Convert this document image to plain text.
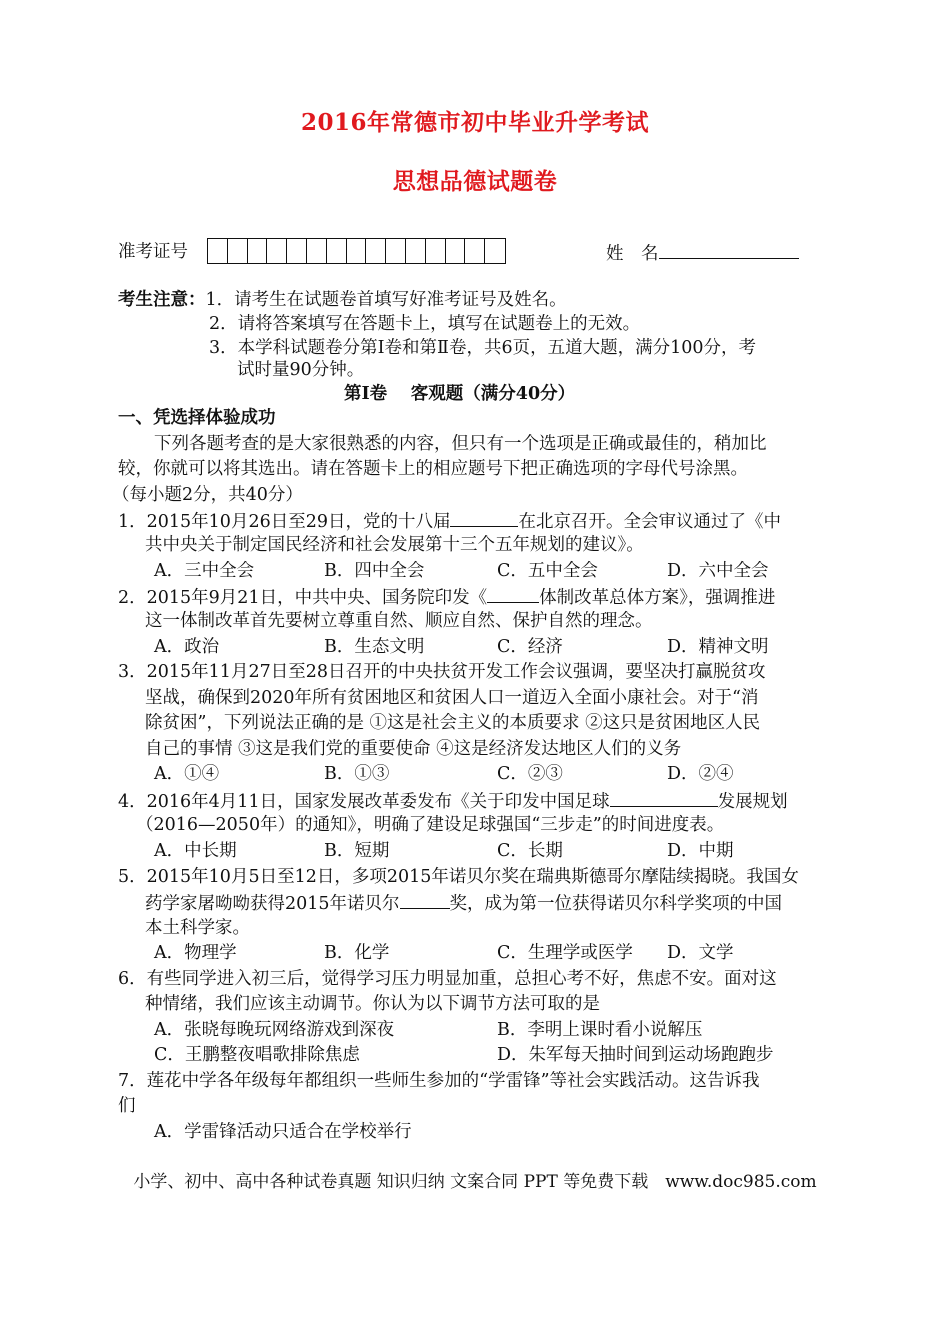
2016年常德市初中毕业升学考试
思想品德试题卷
准考证号	姓　名
考生注意：1．请考生在试题卷首填写好准考证号及姓名。
2．请将答案填写在答题卡上，填写在试题卷上的无效。
3．本学科试题卷分第Ⅰ卷和第Ⅱ卷，共6页，五道大题，满分100分，考
试时量90分钟。
第Ⅰ卷　 客观题（满分40分）
一、凭选择体验成功
下列各题考查的是大家很熟悉的内容，但只有一个选项是正确或最佳的，稍加比
较，你就可以将其选出。请在答题卡上的相应题号下把正确选项的字母代号涂黑。
（每小题2分，共40分）
1．2015年10月26日至29日，党的十八届	在北京召开。全会审议通过了《中
共中央关于制定国民经济和社会发展第十三个五年规划的建议》。
A．三中全会	B．四中全会	C．五中全会	D．六中全会
2．2015年9月21日，中共中央、国务院印发《	体制改革总体方案》，强调推进
这一体制改革首先要树立尊重自然、顺应自然、保护自然的理念。
A．政治	B．生态文明	C．经济	D．精神文明
3．2015年11月27日至28日召开的中央扶贫开发工作会议强调，要坚决打赢脱贫攻
坚战，确保到2020年所有贫困地区和贫困人口一道迈入全面小康社会。对于“消
除贫困”，下列说法正确的是 ①这是社会主义的本质要求 ②这只是贫困地区人民
自己的事情 ③这是我们党的重要使命 ④这是经济发达地区人们的义务
A．①④	B．①③	C．②③	D．②④
4．2016年4月11日，国家发展改革委发布《关于印发中国足球	发展规划
（2016—2050年）的通知》，明确了建设足球强国“三步走”的时间进度表。
A．中长期	B．短期	C．长期	D．中期
5．2015年10月5日至12日，多项2015年诺贝尔奖在瑞典斯德哥尔摩陆续揭晓。我国女
药学家屠呦呦获得2015年诺贝尔	奖，成为第一位获得诺贝尔科学奖项的中国
本土科学家。
A．物理学	B．化学	C．生理学或医学 D．文学
6．有些同学进入初三后，觉得学习压力明显加重，总担心考不好，焦虑不安。面对这
种情绪，我们应该主动调节。你认为以下调节方法可取的是
A．张晓每晚玩网络游戏到深夜	B．李明上课时看小说解压
C．王鹏整夜唱歌排除焦虑	D．朱军每天抽时间到运动场跑跑步
7．莲花中学各年级每年都组织一些师生参加的“学雷锋”等社会实践活动。这告诉我
们
A．学雷锋活动只适合在学校举行
小学、初中、高中各种试卷真题 知识归纳 文案合同 PPT 等免费下载　www.doc985.com
